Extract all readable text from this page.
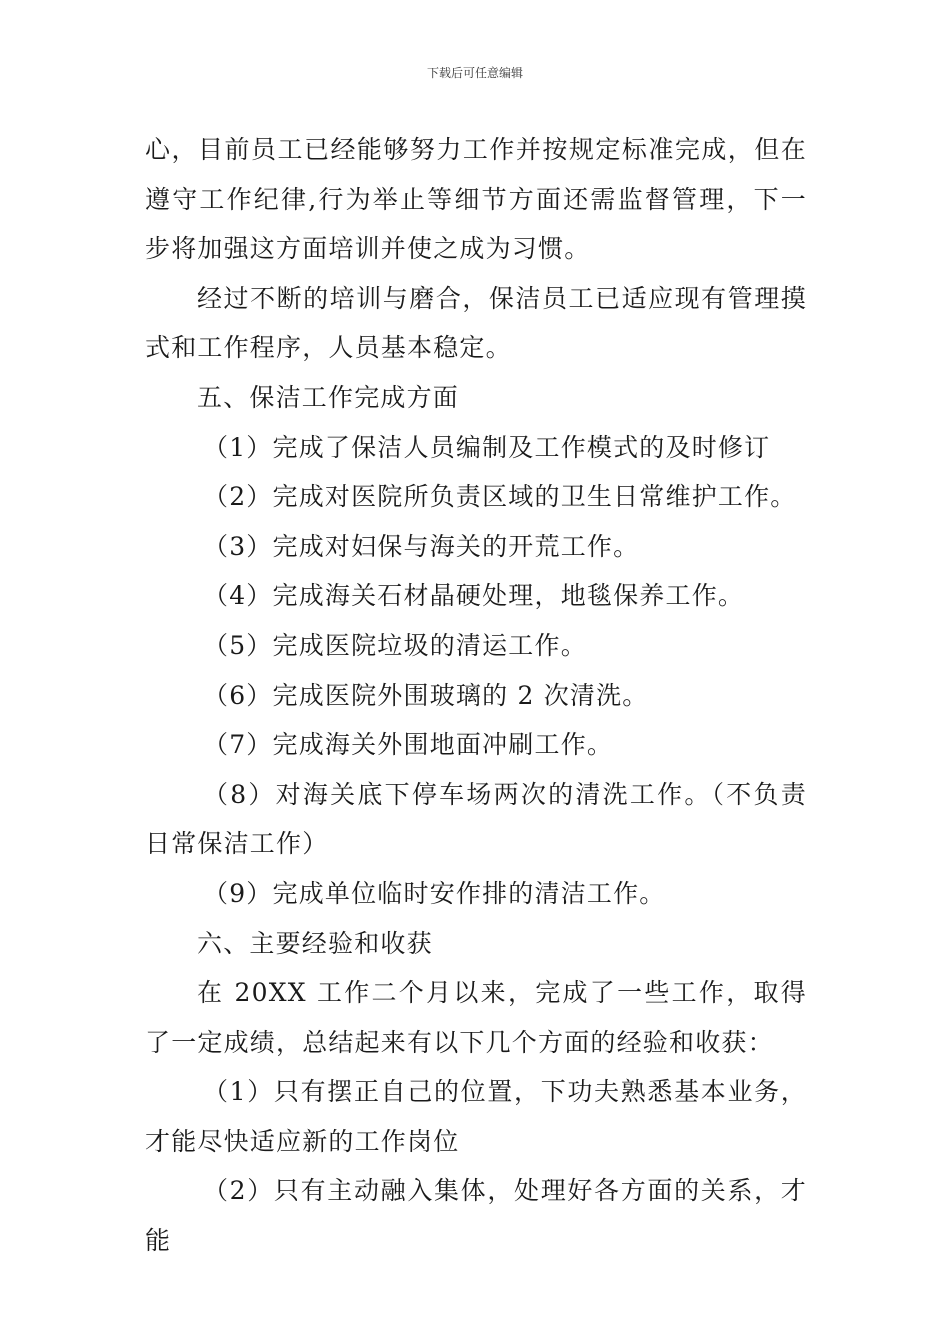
下载后可任意编辑

心，目前员工已经能够努力工作并按规定标准完成，但在遵守工作纪律,行为举止等细节方面还需监督管理，下一步将加强这方面培训并使之成为习惯。

经过不断的培训与磨合，保洁员工已适应现有管理摸式和工作程序，人员基本稳定。

五、保洁工作完成方面

（1）完成了保洁人员编制及工作模式的及时修订

（2）完成对医院所负责区域的卫生日常维护工作。

（3）完成对妇保与海关的开荒工作。

（4）完成海关石材晶硬处理，地毯保养工作。

（5）完成医院垃圾的清运工作。

（6）完成医院外围玻璃的 2 次清洗。

（7）完成海关外围地面冲刷工作。

（8）对海关底下停车场两次的清洗工作。（不负责日常保洁工作）

（9）完成单位临时安作排的清洁工作。

六、主要经验和收获

在 20XX 工作二个月以来，完成了一些工作，取得了一定成绩，总结起来有以下几个方面的经验和收获：

（1）只有摆正自己的位置，下功夫熟悉基本业务，才能尽快适应新的工作岗位

（2）只有主动融入集体，处理好各方面的关系，才能
